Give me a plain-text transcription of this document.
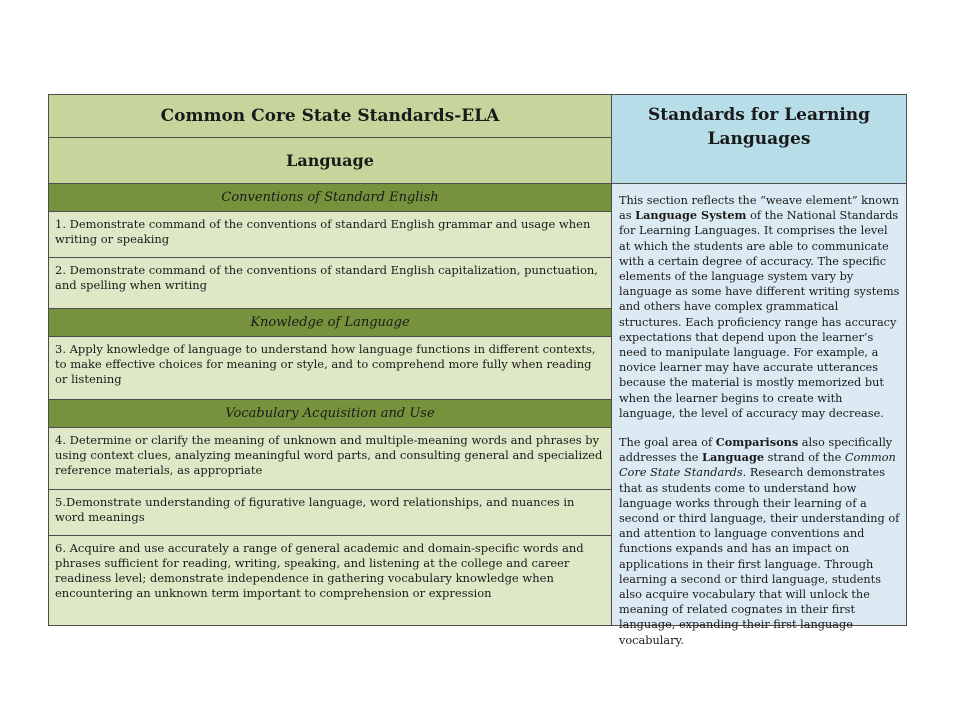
Common Core State Standards-ELA
Language
Conventions of Standard English
1. Demonstrate command of the conventions of standard English grammar and usage when writing or speaking
2. Demonstrate command of the conventions of standard English capitalization, punctuation, and spelling when writing
Knowledge of Language
3. Apply knowledge of language to understand how language functions in different contexts, to make effective choices for meaning or style, and to comprehend more fully when reading or listening
Vocabulary Acquisition and Use
4. Determine or clarify the meaning of unknown and multiple-meaning words and phrases by using context clues, analyzing meaningful word parts, and consulting general and specialized reference materials, as appropriate
5.Demonstrate understanding of figurative language, word relationships, and nuances in word meanings
6. Acquire and use accurately a range of general academic and domain-specific words and phrases sufficient for reading, writing, speaking, and listening at the college and career readiness level; demonstrate independence in gathering vocabulary knowledge when encountering an unknown term important to comprehension or expression
Standards for Learning Languages

This section reflects the “weave element” known as Language System of the National Standards for Learning Languages. It comprises the level at which the students are able to communicate with a certain degree of accuracy. The specific elements of the language system vary by language as some have different writing systems and others have complex grammatical structures. Each proficiency range has accuracy expectations that depend upon the learner’s need to manipulate language. For example, a novice learner may have accurate utterances because the material is mostly memorized but when the learner begins to create with language, the level of accuracy may decrease.

The goal area of Comparisons also specifically addresses the Language strand of the Common Core State Standards. Research demonstrates that as students come to understand how language works through their learning of a second or third language, their understanding of and attention to language conventions and functions expands and has an impact on applications in their first language. Through learning a second or third language, students also acquire vocabulary that will unlock the meaning of related cognates in their first language, expanding their first language vocabulary.
